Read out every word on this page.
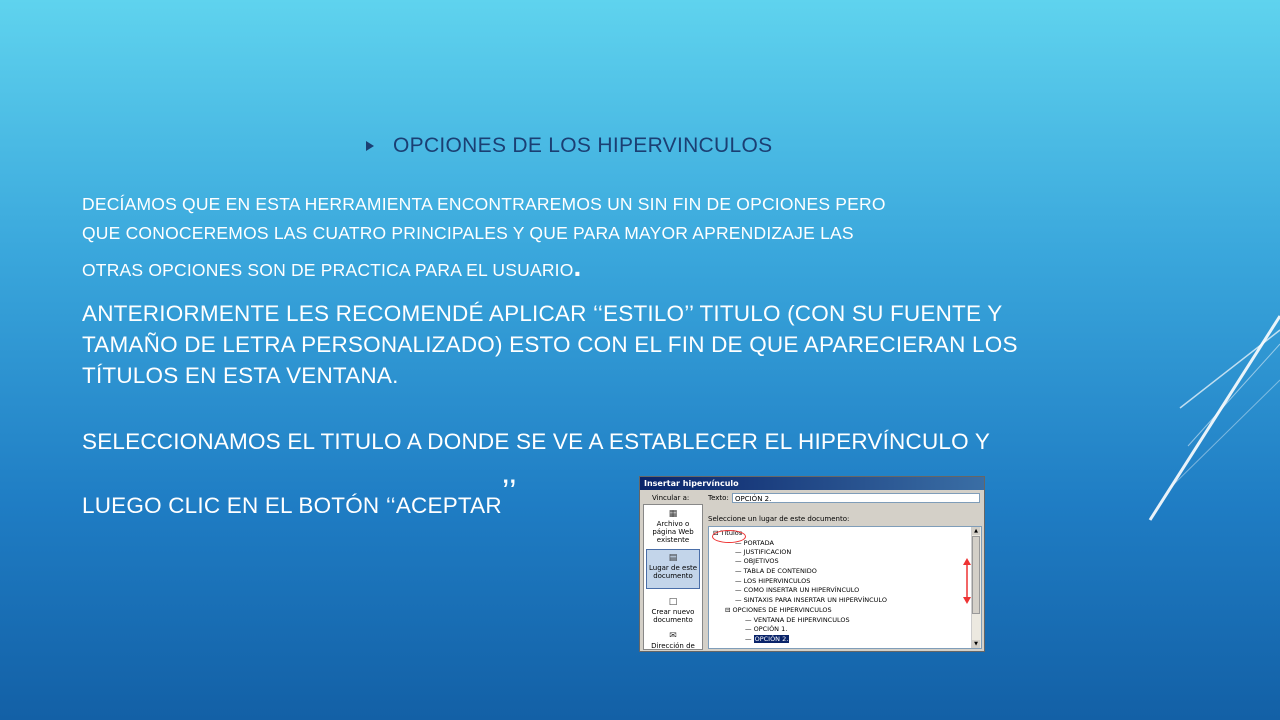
OPCIONES DE LOS HIPERVINCULOS
DECÍAMOS QUE EN ESTA HERRAMIENTA ENCONTRAREMOS UN SIN FIN DE OPCIONES PERO
QUE CONOCEREMOS LAS CUATRO PRINCIPALES Y QUE PARA MAYOR APRENDIZAJE LAS
OTRAS OPCIONES SON DE PRACTICA PARA EL USUARIO.
ANTERIORMENTE LES RECOMENDÉ APLICAR ‘‘ESTILO’’ TITULO (CON SU FUENTE Y
TAMAÑO DE LETRA PERSONALIZADO) ESTO CON EL FIN DE QUE APARECIERAN LOS
TÍTULOS EN ESTA VENTANA.
SELECCIONAMOS EL TITULO A DONDE SE VE A ESTABLECER EL HIPERVÍNCULO Y
LUEGO CLIC EN EL BOTÓN ‘‘ACEPTAR’’	Insertar hipervínculo
Vincular a:
▦
Archivo o
página Web
existente
▤
Lugar de este
documento
□
Crear nuevo
documento
✉
Dirección de
Texto: OPCIÓN 2.
Seleccione un lugar de este documento:
⊟ Títulos
— PORTADA
— JUSTIFICACION
— OBJETIVOS
— TABLA DE CONTENIDO
— LOS HIPERVINCULOS
— COMO INSERTAR UN HIPERVÍNCULO
— SINTAXIS PARA INSERTAR UN HIPERVÍNCULO
⊟ OPCIONES DE HIPERVINCULOS
— VENTANA DE HIPERVINCULOS
— OPCIÓN 1.
— OPCIÓN 2.
▲
▼
